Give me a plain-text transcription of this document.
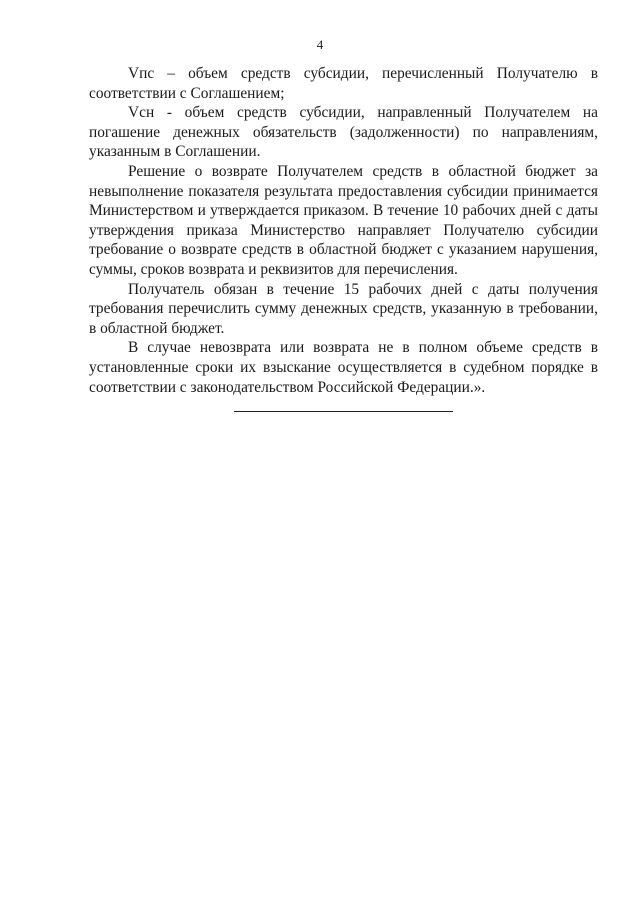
4

Vпс – объем средств субсидии, перечисленный Получателю в соответствии с Соглашением;

Vсн - объем средств субсидии, направленный Получателем на погашение денежных обязательств (задолженности) по направлениям, указанным в Соглашении.

Решение о возврате Получателем средств в областной бюджет за невыполнение показателя результата предоставления субсидии принимается Министерством и утверждается приказом. В течение 10 рабочих дней с даты утверждения приказа Министерство направляет Получателю субсидии требование о возврате средств в областной бюджет с указанием нарушения, суммы, сроков возврата и реквизитов для перечисления.

Получатель обязан в течение 15 рабочих дней с даты получения требования перечислить сумму денежных средств, указанную в требовании, в областной бюджет.

В случае невозврата или возврата не в полном объеме средств в установленные сроки их взыскание осуществляется в судебном порядке в соответствии с законодательством Российской Федерации.».
